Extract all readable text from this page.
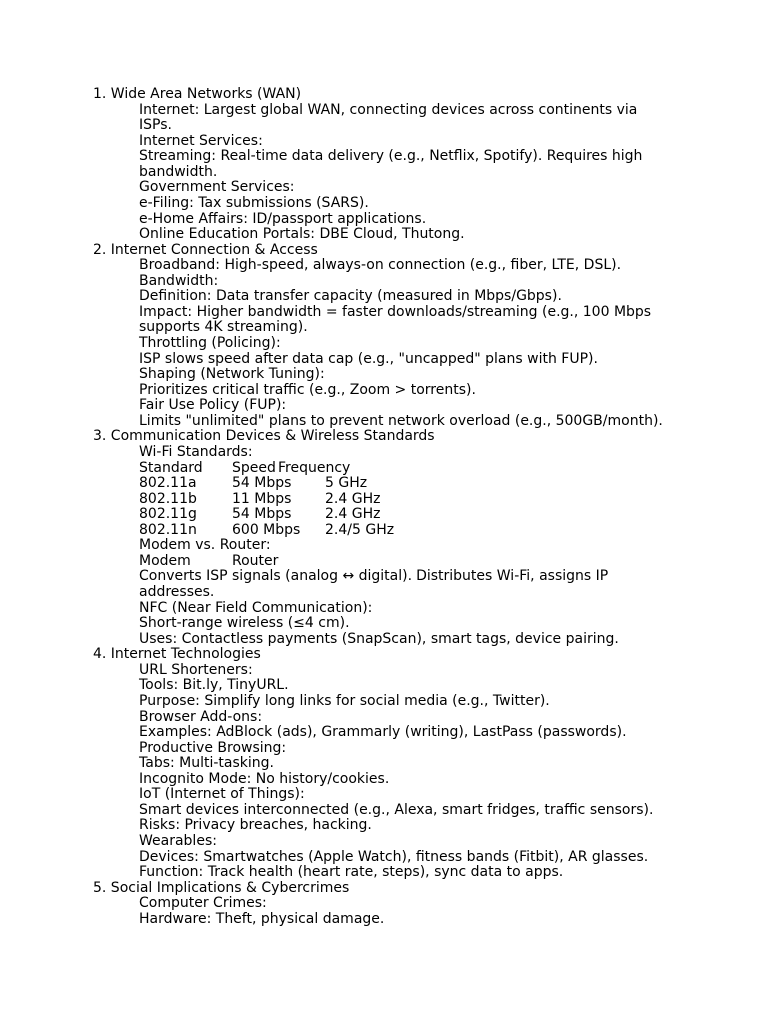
1. Wide Area Networks (WAN)
Internet: Largest global WAN, connecting devices across continents via ISPs.
Internet Services:
Streaming: Real-time data delivery (e.g., Netflix, Spotify). Requires high bandwidth.
Government Services:
e-Filing: Tax submissions (SARS).
e-Home Affairs: ID/passport applications.
Online Education Portals: DBE Cloud, Thutong.
2. Internet Connection & Access
Broadband: High-speed, always-on connection (e.g., fiber, LTE, DSL).
Bandwidth:
Definition: Data transfer capacity (measured in Mbps/Gbps).
Impact: Higher bandwidth = faster downloads/streaming (e.g., 100 Mbps supports 4K streaming).
Throttling (Policing):
ISP slows speed after data cap (e.g., "uncapped" plans with FUP).
Shaping (Network Tuning):
Prioritizes critical traffic (e.g., Zoom > torrents).
Fair Use Policy (FUP):
Limits "unlimited" plans to prevent network overload (e.g., 500GB/month).
3. Communication Devices & Wireless Standards
Wi-Fi Standards:
Standard Speed Frequency
802.11a	54 Mbps 5 GHz
802.11b	11 Mbps 2.4 GHz
802.11g	54 Mbps 2.4 GHz
802.11n	600 Mbps 2.4/5 GHz
Modem vs. Router:
Modem	Router
Converts ISP signals (analog ↔ digital). Distributes Wi-Fi, assigns IP addresses.
NFC (Near Field Communication):
Short-range wireless (≤4 cm).
Uses: Contactless payments (SnapScan), smart tags, device pairing.
4. Internet Technologies
URL Shorteners:
Tools: Bit.ly, TinyURL.
Purpose: Simplify long links for social media (e.g., Twitter).
Browser Add-ons:
Examples: AdBlock (ads), Grammarly (writing), LastPass (passwords).
Productive Browsing:
Tabs: Multi-tasking.
Incognito Mode: No history/cookies.
IoT (Internet of Things):
Smart devices interconnected (e.g., Alexa, smart fridges, traffic sensors).
Risks: Privacy breaches, hacking.
Wearables:
Devices: Smartwatches (Apple Watch), fitness bands (Fitbit), AR glasses.
Function: Track health (heart rate, steps), sync data to apps.
5. Social Implications & Cybercrimes
Computer Crimes:
Hardware: Theft, physical damage.
